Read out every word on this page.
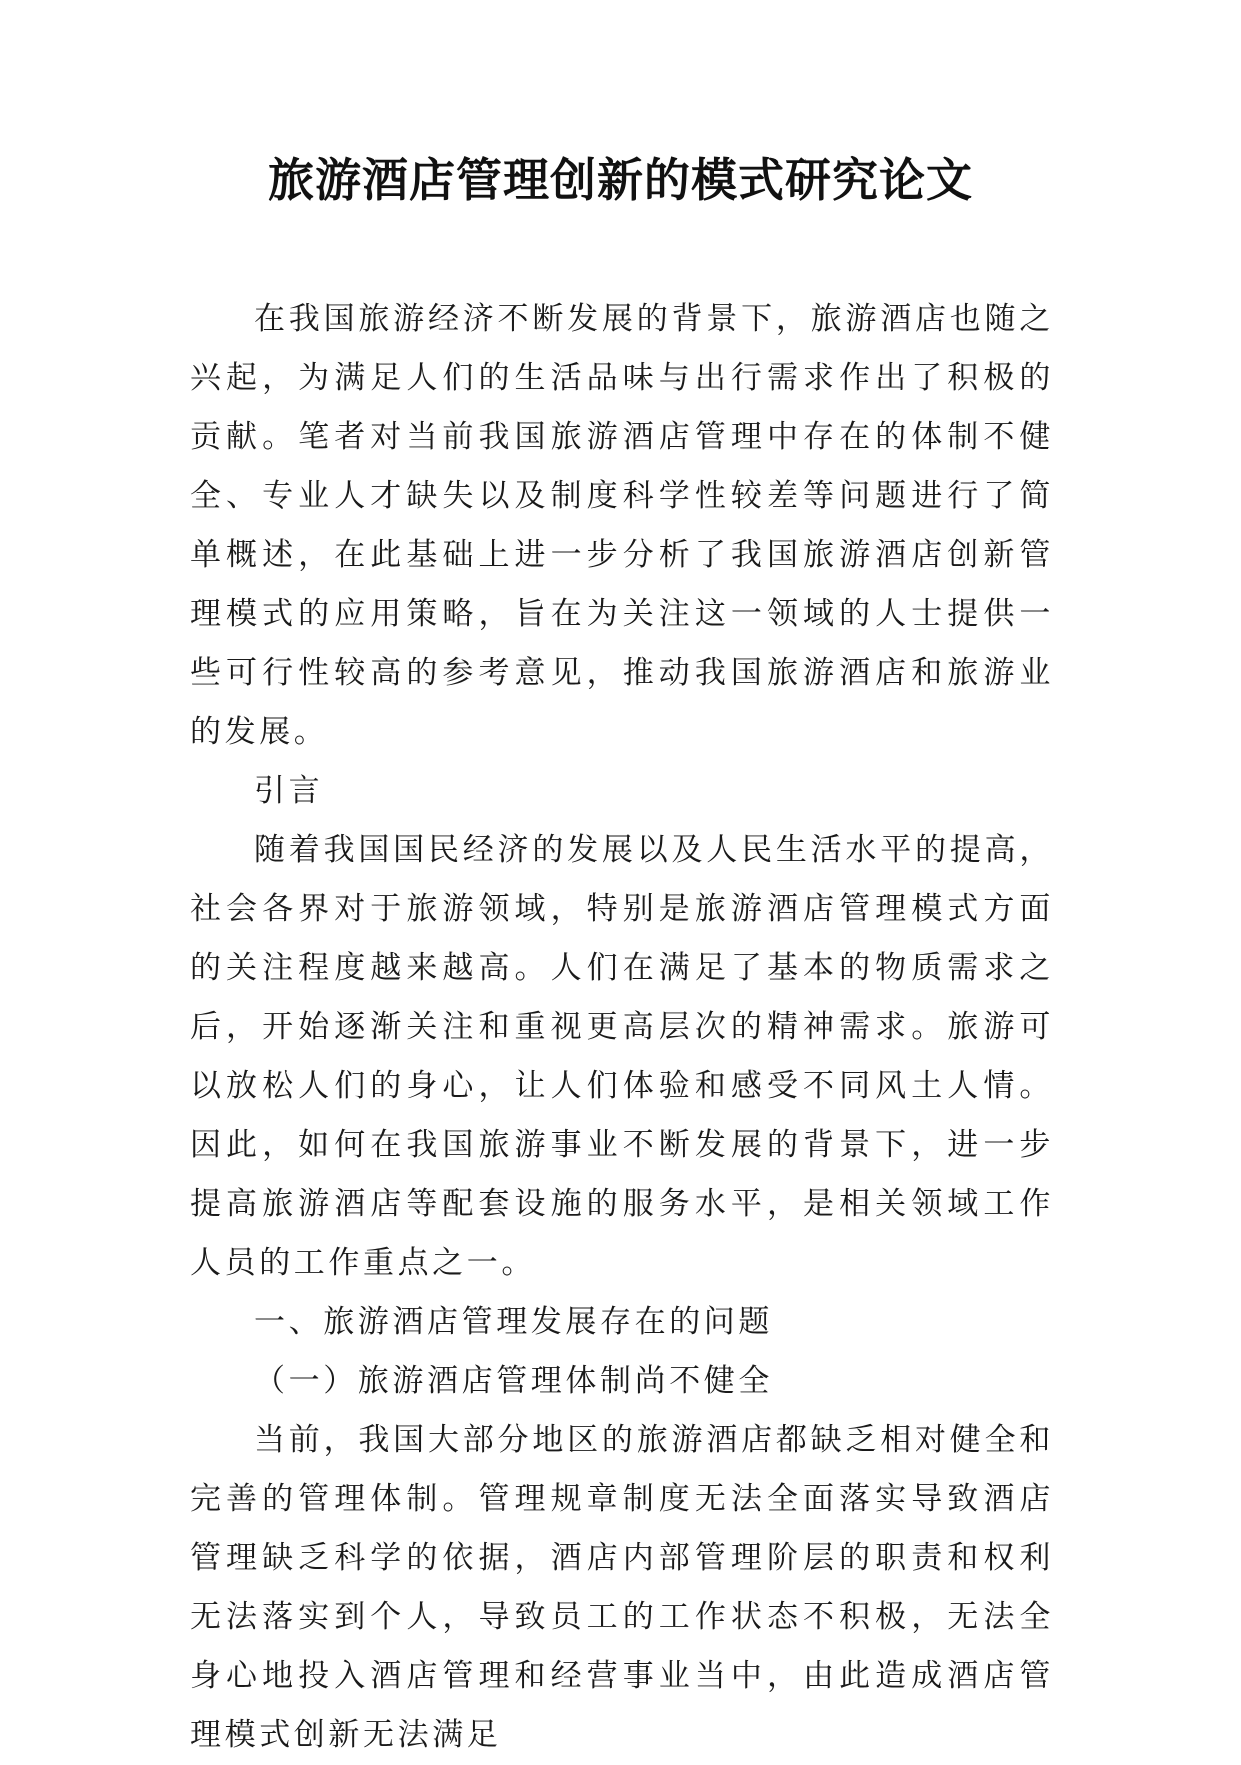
旅游酒店管理创新的模式研究论文

在我国旅游经济不断发展的背景下，旅游酒店也随之兴起，为满足人们的生活品味与出行需求作出了积极的贡献。笔者对当前我国旅游酒店管理中存在的体制不健全、专业人才缺失以及制度科学性较差等问题进行了简单概述，在此基础上进一步分析了我国旅游酒店创新管理模式的应用策略，旨在为关注这一领域的人士提供一些可行性较高的参考意见，推动我国旅游酒店和旅游业的发展。

引言

随着我国国民经济的发展以及人民生活水平的提高，社会各界对于旅游领域，特别是旅游酒店管理模式方面的关注程度越来越高。人们在满足了基本的物质需求之后，开始逐渐关注和重视更高层次的精神需求。旅游可以放松人们的身心，让人们体验和感受不同风土人情。因此，如何在我国旅游事业不断发展的背景下，进一步提高旅游酒店等配套设施的服务水平，是相关领域工作人员的工作重点之一。

一、旅游酒店管理发展存在的问题

（一）旅游酒店管理体制尚不健全

当前，我国大部分地区的旅游酒店都缺乏相对健全和完善的管理体制。管理规章制度无法全面落实导致酒店管理缺乏科学的依据，酒店内部管理阶层的职责和权利无法落实到个人，导致员工的工作状态不积极，无法全身心地投入酒店管理和经营事业当中，由此造成酒店管理模式创新无法满足
